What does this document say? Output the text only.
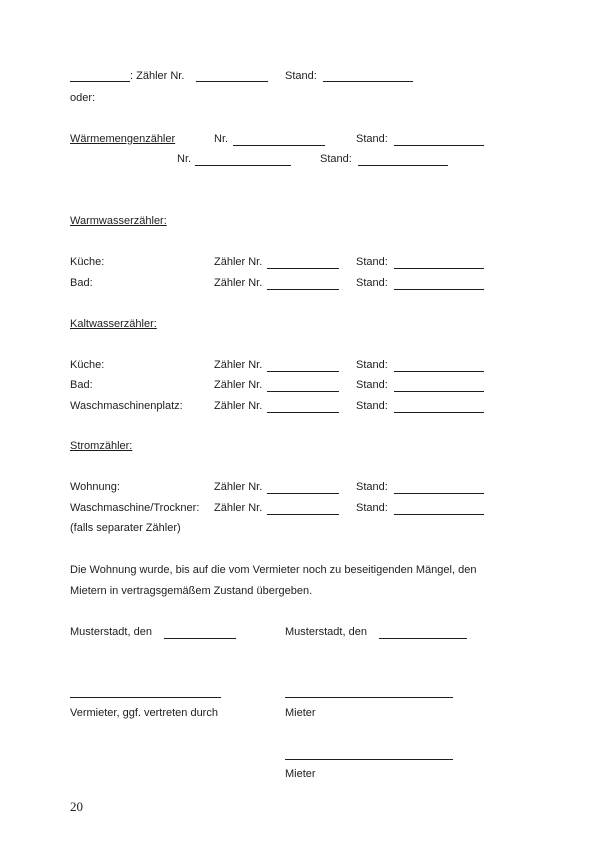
: Zähler Nr.	Stand:
oder:
Wärmemengenzähler	Nr.	Stand:
Nr.	Stand:
Warmwasserzähler:
Küche:	Zähler Nr.	Stand:
Bad:	Zähler Nr.	Stand:
Kaltwasserzähler:
Küche:	Zähler Nr.	Stand:
Bad:	Zähler Nr.	Stand:
Waschmaschinenplatz:	Zähler Nr.	Stand:
Stromzähler:
Wohnung:	Zähler Nr.	Stand:
Waschmaschine/Trockner: Zähler Nr.	Stand:
(falls separater Zähler)
Die Wohnung wurde, bis auf die vom Vermieter noch zu beseitigenden Mängel, den
Mietern in vertragsgemäßem Zustand übergeben.
Musterstadt, den	Musterstadt, den
Vermieter, ggf. vertreten durch	Mieter
Mieter
20
